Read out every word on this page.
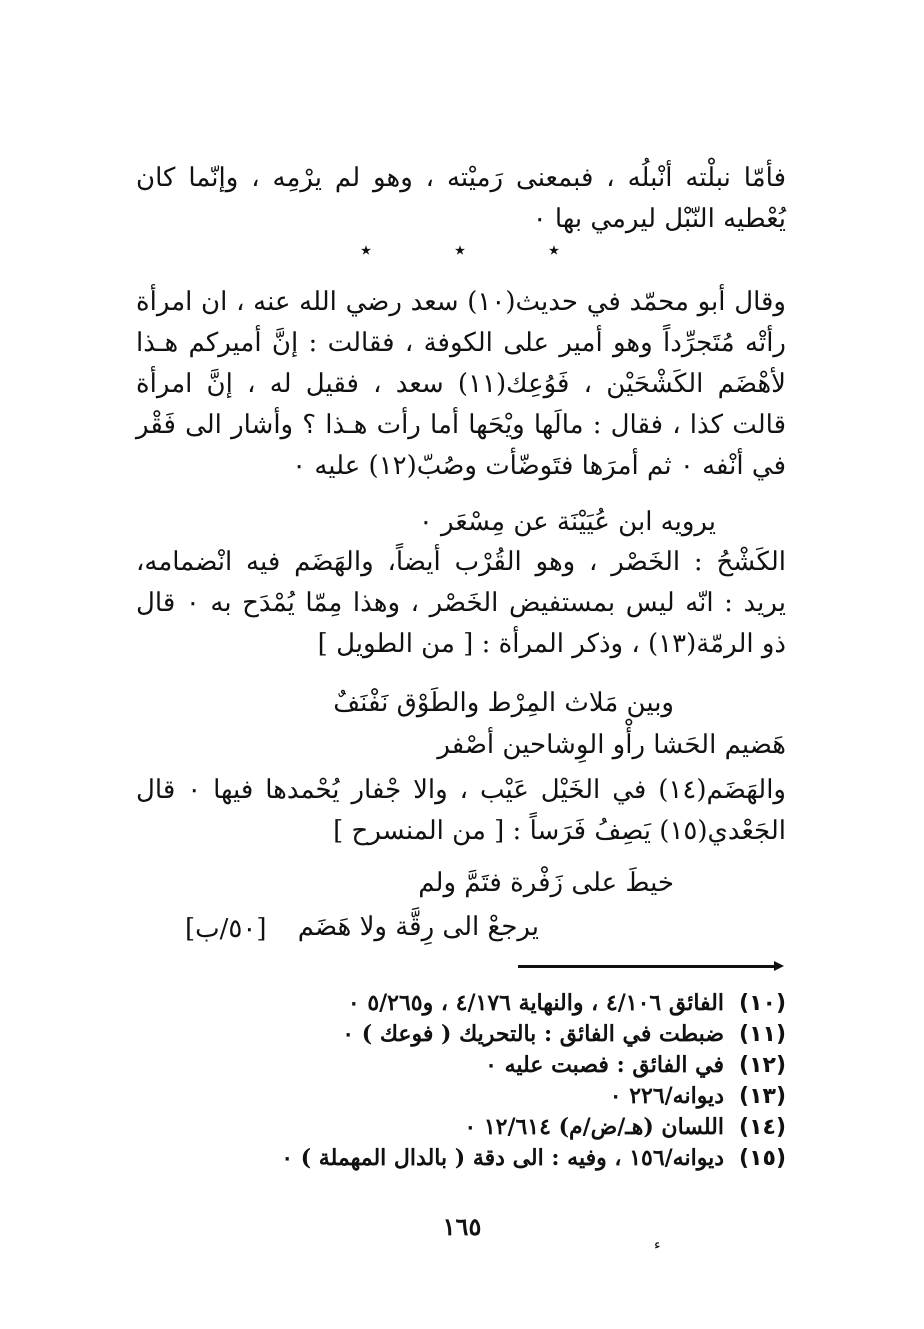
فأمّا نبلْته أنْبلُه ، فبمعنى رَميْته ، وهو لم يرْمِه ، وإنّما كان يُعْطيه النّبْل ليرمي بها ٠

٭	٭	٭

وقال أبو محمّد في حديث(١٠) سعد رضي الله عنه ، ان امرأة رأتْه مُتَجرِّداً وهو أمير على الكوفة ، فقالت : إنَّ أميركم هـذا لأهْضَم الكَشْحَيْن ، فَوُعِك(١١) سعد ، فقيل له ، إنَّ امرأة قالت كذا ، فقال : مالَها ويْحَها أما رأت هـذا ؟ وأشار الى فَقْر في أنْفه ٠ ثم أمرَها فتَوضّأت وصُبّ(١٢) عليه ٠

يرويه ابن عُيَيْنَة عن مِسْعَر ٠

الكَشْحُ : الخَصْر ، وهو القُرْب أيضاً، والهَضَم فيه انْضمامه، يريد : انّه ليس بمستفيض الخَصْر ، وهذا مِمّا يُمْدَح به ٠ قال ذو الرمّة(١٣) ، وذكر المرأة : [ من الطويل ]

وبين مَلاث المِرْط والطَوْق نَفْنَفٌ
هَضيم الحَشا رأْو الوِشاحين أصْفر

والهَضَم(١٤) في الخَيْل عَيْب ، والا جْفار يُحْمدها فيها ٠ قال الجَعْدي(١٥) يَصِفُ فَرَساً : [ من المنسرح ]

خيطَ على زَفْرة فتَمَّ ولم
يرجعْ الى رِقَّة ولا هَضَم
[٥٠/ب]
(١٠)
الفائق ٤/١٠٦ ، والنهاية ٤/١٧٦ ، و٥/٢٦٥ ٠
(١١)
ضبطت في الفائق : بالتحريك ( فوعك ) ٠
(١٢)
في الفائق : فصبت عليه ٠
(١٣)
ديوانه/٢٢٦ ٠
(١٤)
اللسان (هـ/ض/م) ١٢/٦١٤ ٠
(١٥)
ديوانه/١٥٦ ، وفيه : الى دقة ( بالدال المهملة ) ٠
١٦٥
ء
